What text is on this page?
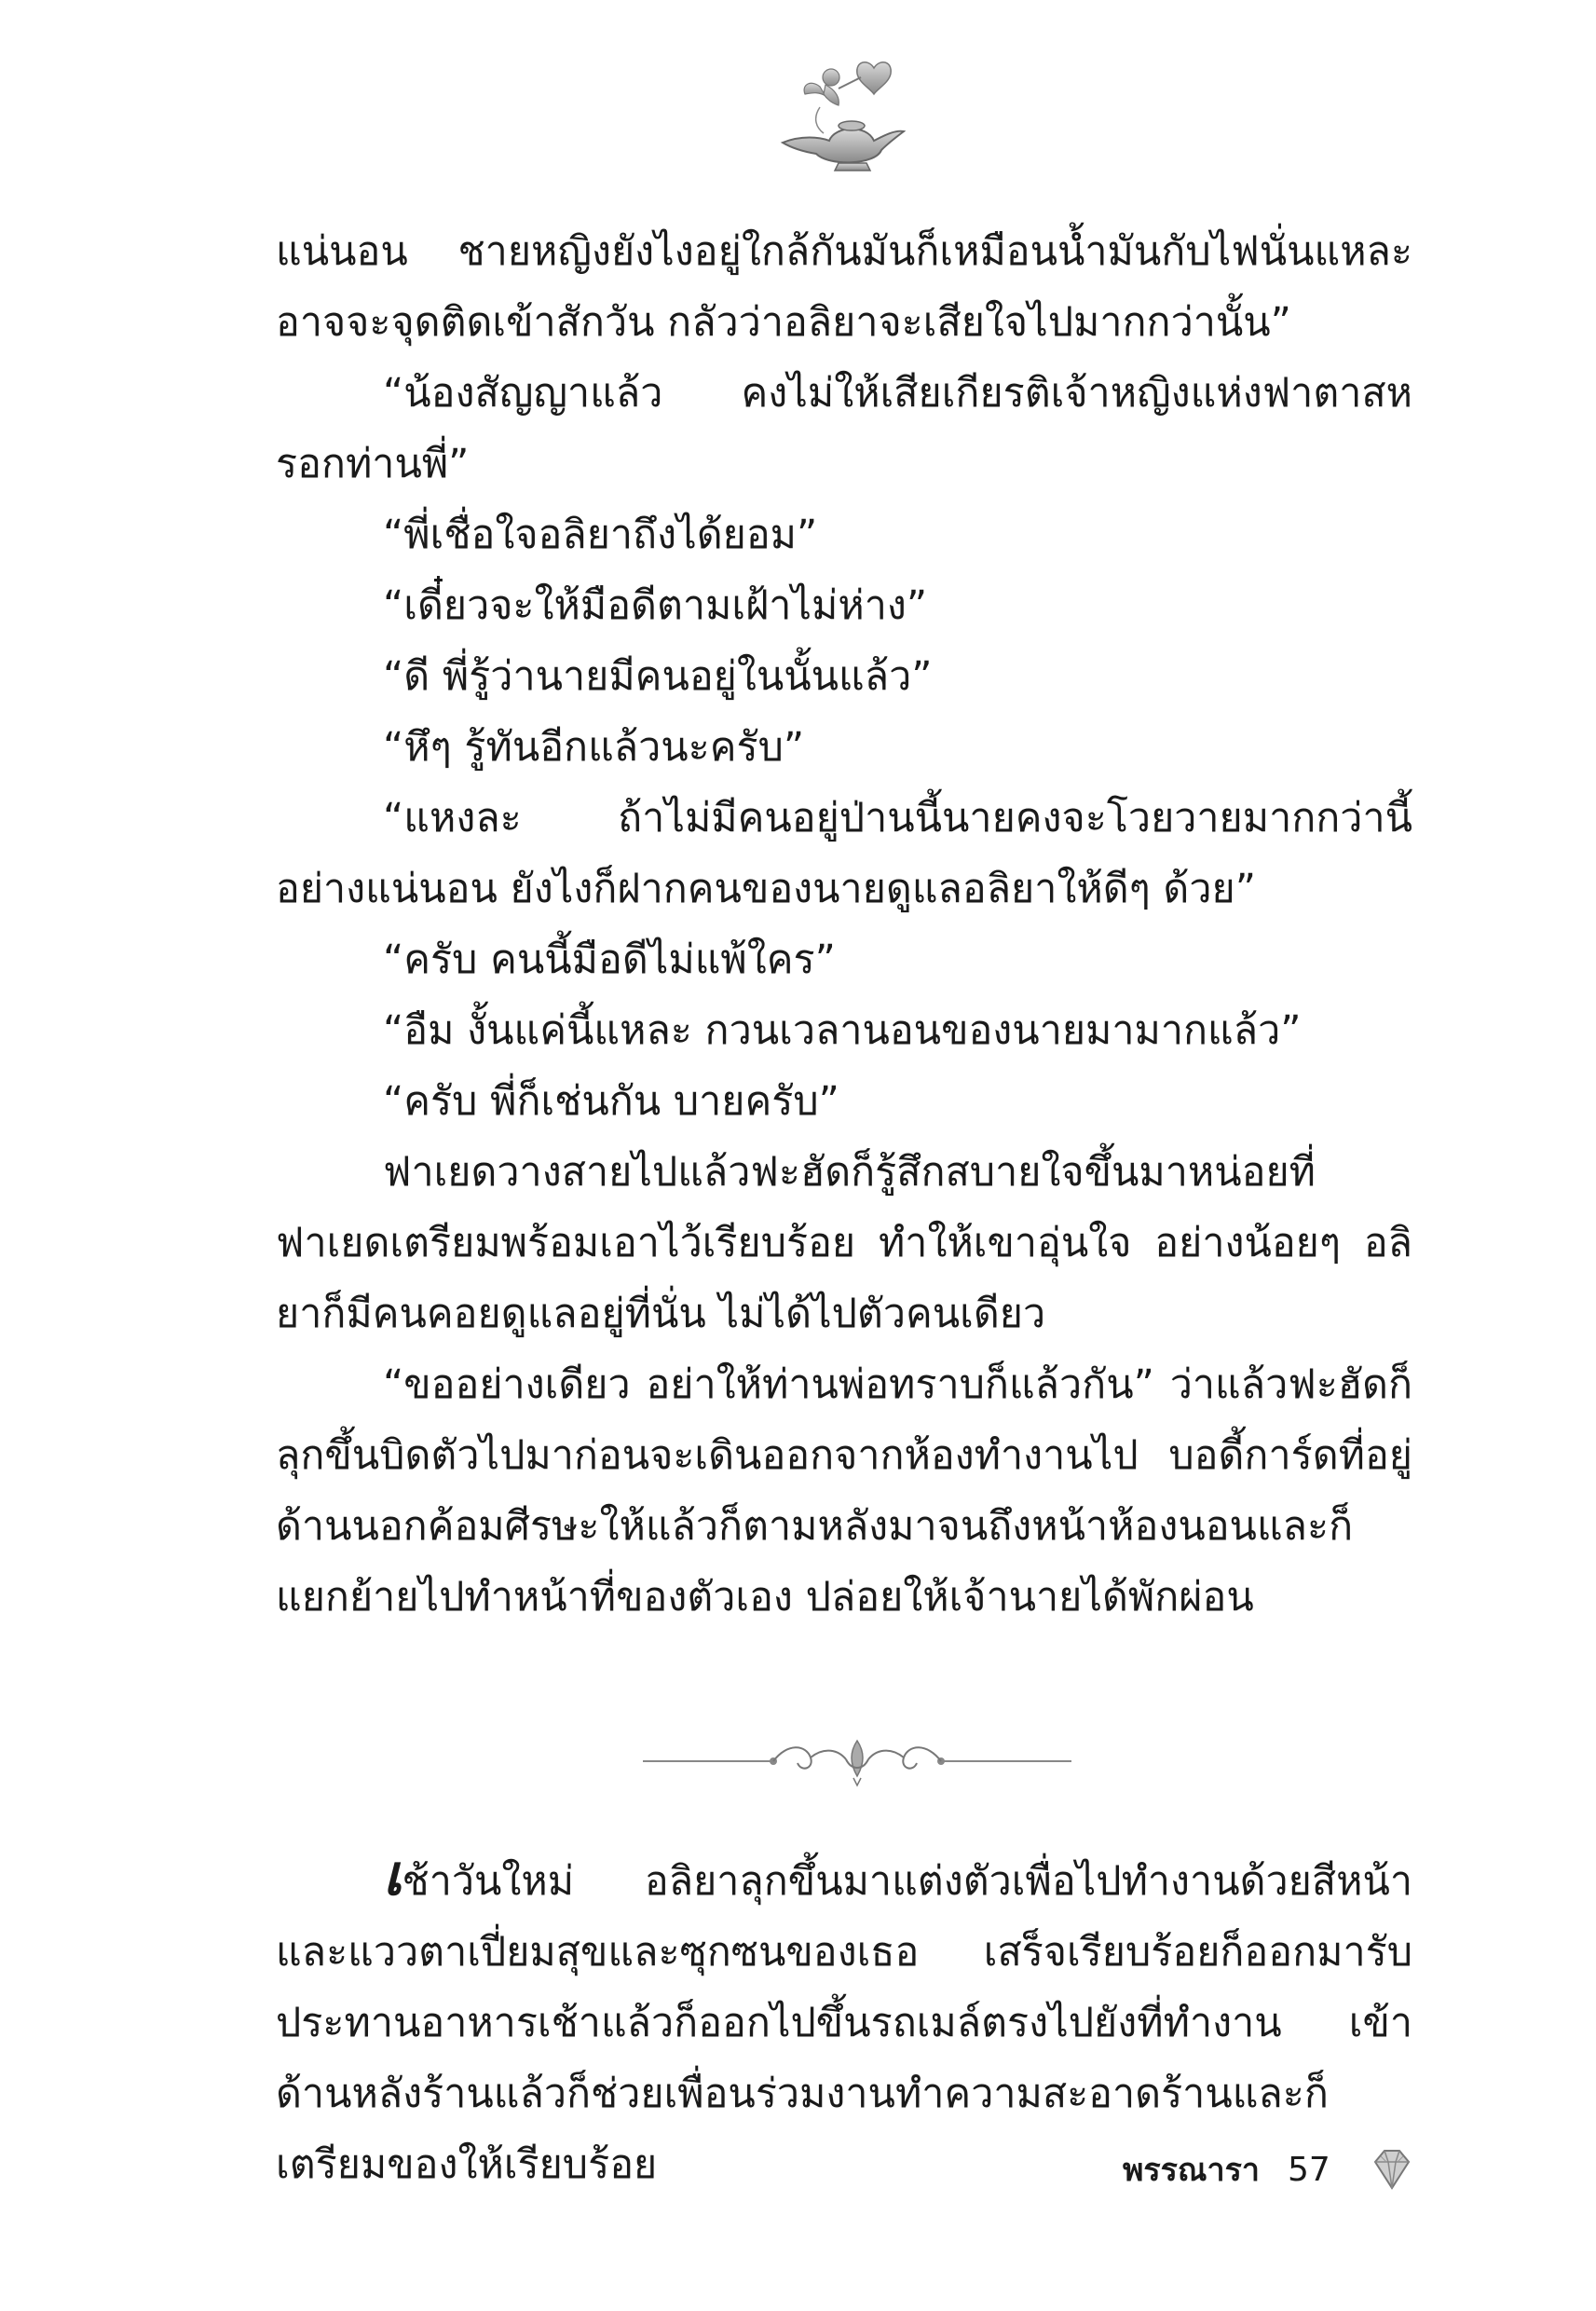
แน่นอน ชายหญิงยังไงอยู่ใกล้กันมันก็เหมือนน้ำมันกับไฟนั่นแหละอาจจะจุดติดเข้าสักวัน กลัวว่าอลิยาจะเสียใจไปมากกว่านั้น”

“น้องสัญญาแล้ว คงไม่ให้เสียเกียรติเจ้าหญิงแห่งฟาตาสหรอกท่านพี่”

“พี่เชื่อใจอลิยาถึงได้ยอม”

“เดี๋ยวจะให้มือดีตามเฝ้าไม่ห่าง”

“ดี พี่รู้ว่านายมีคนอยู่ในนั้นแล้ว”

“หึๆ รู้ทันอีกแล้วนะครับ”

“แหงละ ถ้าไม่มีคนอยู่ป่านนี้นายคงจะโวยวายมากกว่านี้อย่างแน่นอน ยังไงก็ฝากคนของนายดูแลอลิยาให้ดีๆ ด้วย”

“ครับ คนนี้มือดีไม่แพ้ใคร”

“อืม งั้นแค่นี้แหละ กวนเวลานอนของนายมามากแล้ว”

“ครับ พี่ก็เช่นกัน บายครับ”

ฟาเยดวางสายไปแล้วฟะฮัดก็รู้สึกสบายใจขึ้นมาหน่อยที่ฟาเยดเตรียมพร้อมเอาไว้เรียบร้อย ทำให้เขาอุ่นใจ อย่างน้อยๆ อลิยาก็มีคนคอยดูแลอยู่ที่นั่น ไม่ได้ไปตัวคนเดียว

“ขออย่างเดียว อย่าให้ท่านพ่อทราบก็แล้วกัน” ว่าแล้วฟะฮัดก็ลุกขึ้นบิดตัวไปมาก่อนจะเดินออกจากห้องทำงานไป บอดี้การ์ดที่อยู่ด้านนอกค้อมศีรษะให้แล้วก็ตามหลังมาจนถึงหน้าห้องนอนและก็แยกย้ายไปทำหน้าที่ของตัวเอง ปล่อยให้เจ้านายได้พักผ่อน

เช้าวันใหม่ อลิยาลุกขึ้นมาแต่งตัวเพื่อไปทำงานด้วยสีหน้าและแววตาเปี่ยมสุขและซุกซนของเธอ เสร็จเรียบร้อยก็ออกมารับประทานอาหารเช้าแล้วก็ออกไปขึ้นรถเมล์ตรงไปยังที่ทำงาน เข้าด้านหลังร้านแล้วก็ช่วยเพื่อนร่วมงานทำความสะอาดร้านและก็เตรียมของให้เรียบร้อย	พรรณารา 57
